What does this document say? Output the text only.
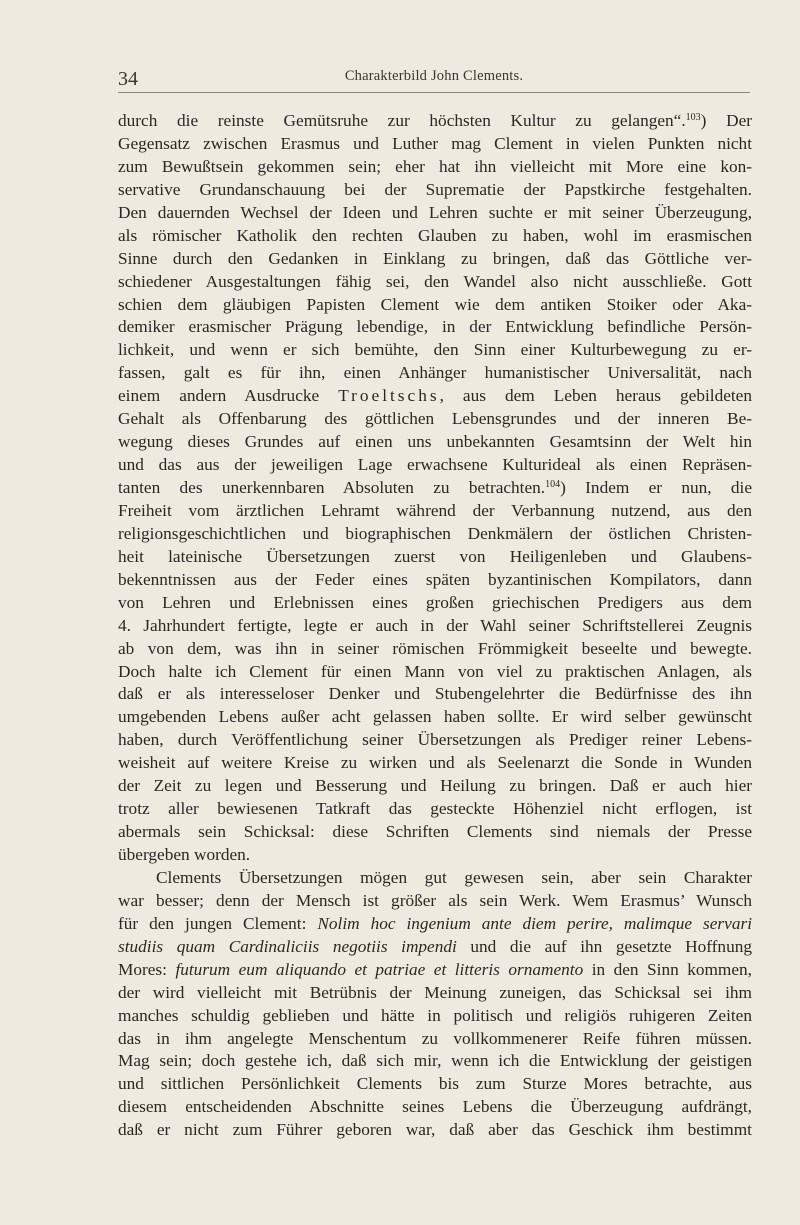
34	Charakterbild John Clements.
durch die reinste Gemütsruhe zur höchsten Kultur zu gelangen“.$^{103}$) Der
Gegensatz zwischen Erasmus und Luther mag Clement in vielen Punkten nicht
zum Bewußtsein gekommen sein; eher hat ihn vielleicht mit More eine kon-
servative Grundanschauung bei der Suprematie der Papstkirche festgehalten.
Den dauernden Wechsel der Ideen und Lehren suchte er mit seiner Überzeugung,
als römischer Katholik den rechten Glauben zu haben, wohl im erasmischen
Sinne durch den Gedanken in Einklang zu bringen, daß das Göttliche ver-
schiedener Ausgestaltungen fähig sei, den Wandel also nicht ausschließe. Gott
schien dem gläubigen Papisten Clement wie dem antiken Stoiker oder Aka-
demiker erasmischer Prägung lebendige, in der Entwicklung befindliche Persön-
lichkeit, und wenn er sich bemühte, den Sinn einer Kulturbewegung zu er-
fassen, galt es für ihn, einen Anhänger humanistischer Universalität, nach
einem andern Ausdrucke Troeltschs, aus dem Leben heraus gebildeten
Gehalt als Offenbarung des göttlichen Lebensgrundes und der inneren Be-
wegung dieses Grundes auf einen uns unbekannten Gesamtsinn der Welt hin
und das aus der jeweiligen Lage erwachsene Kulturideal als einen Repräsen-
tanten des unerkennbaren Absoluten zu betrachten.$^{104}$) Indem er nun, die
Freiheit vom ärztlichen Lehramt während der Verbannung nutzend, aus den
religionsgeschichtlichen und biographischen Denkmälern der östlichen Christen-
heit lateinische Übersetzungen zuerst von Heiligenleben und Glaubens-
bekenntnissen aus der Feder eines späten byzantinischen Kompilators, dann
von Lehren und Erlebnissen eines großen griechischen Predigers aus dem
4. Jahrhundert fertigte, legte er auch in der Wahl seiner Schriftstellerei Zeugnis
ab von dem, was ihn in seiner römischen Frömmigkeit beseelte und bewegte.
Doch halte ich Clement für einen Mann von viel zu praktischen Anlagen, als
daß er als interesseloser Denker und Stubengelehrter die Bedürfnisse des ihn
umgebenden Lebens außer acht gelassen haben sollte. Er wird selber gewünscht
haben, durch Veröffentlichung seiner Übersetzungen als Prediger reiner Lebens-
weisheit auf weitere Kreise zu wirken und als Seelenarzt die Sonde in Wunden
der Zeit zu legen und Besserung und Heilung zu bringen. Daß er auch hier
trotz aller bewiesenen Tatkraft das gesteckte Höhenziel nicht erflogen, ist
abermals sein Schicksal: diese Schriften Clements sind niemals der Presse
übergeben worden.
Clements Übersetzungen mögen gut gewesen sein, aber sein Charakter
war besser; denn der Mensch ist größer als sein Werk. Wem Erasmus’ Wunsch
für den jungen Clement: Nolim hoc ingenium ante diem perire, malimque servari
studiis quam Cardinaliciis negotiis impendi und die auf ihn gesetzte Hoffnung
Mores: futurum eum aliquando et patriae et litteris ornamento in den Sinn kommen,
der wird vielleicht mit Betrübnis der Meinung zuneigen, das Schicksal sei ihm
manches schuldig geblieben und hätte in politisch und religiös ruhigeren Zeiten
das in ihm angelegte Menschentum zu vollkommenerer Reife führen müssen.
Mag sein; doch gestehe ich, daß sich mir, wenn ich die Entwicklung der geistigen
und sittlichen Persönlichkeit Clements bis zum Sturze Mores betrachte, aus
diesem entscheidenden Abschnitte seines Lebens die Überzeugung aufdrängt,
daß er nicht zum Führer geboren war, daß aber das Geschick ihm bestimmt
